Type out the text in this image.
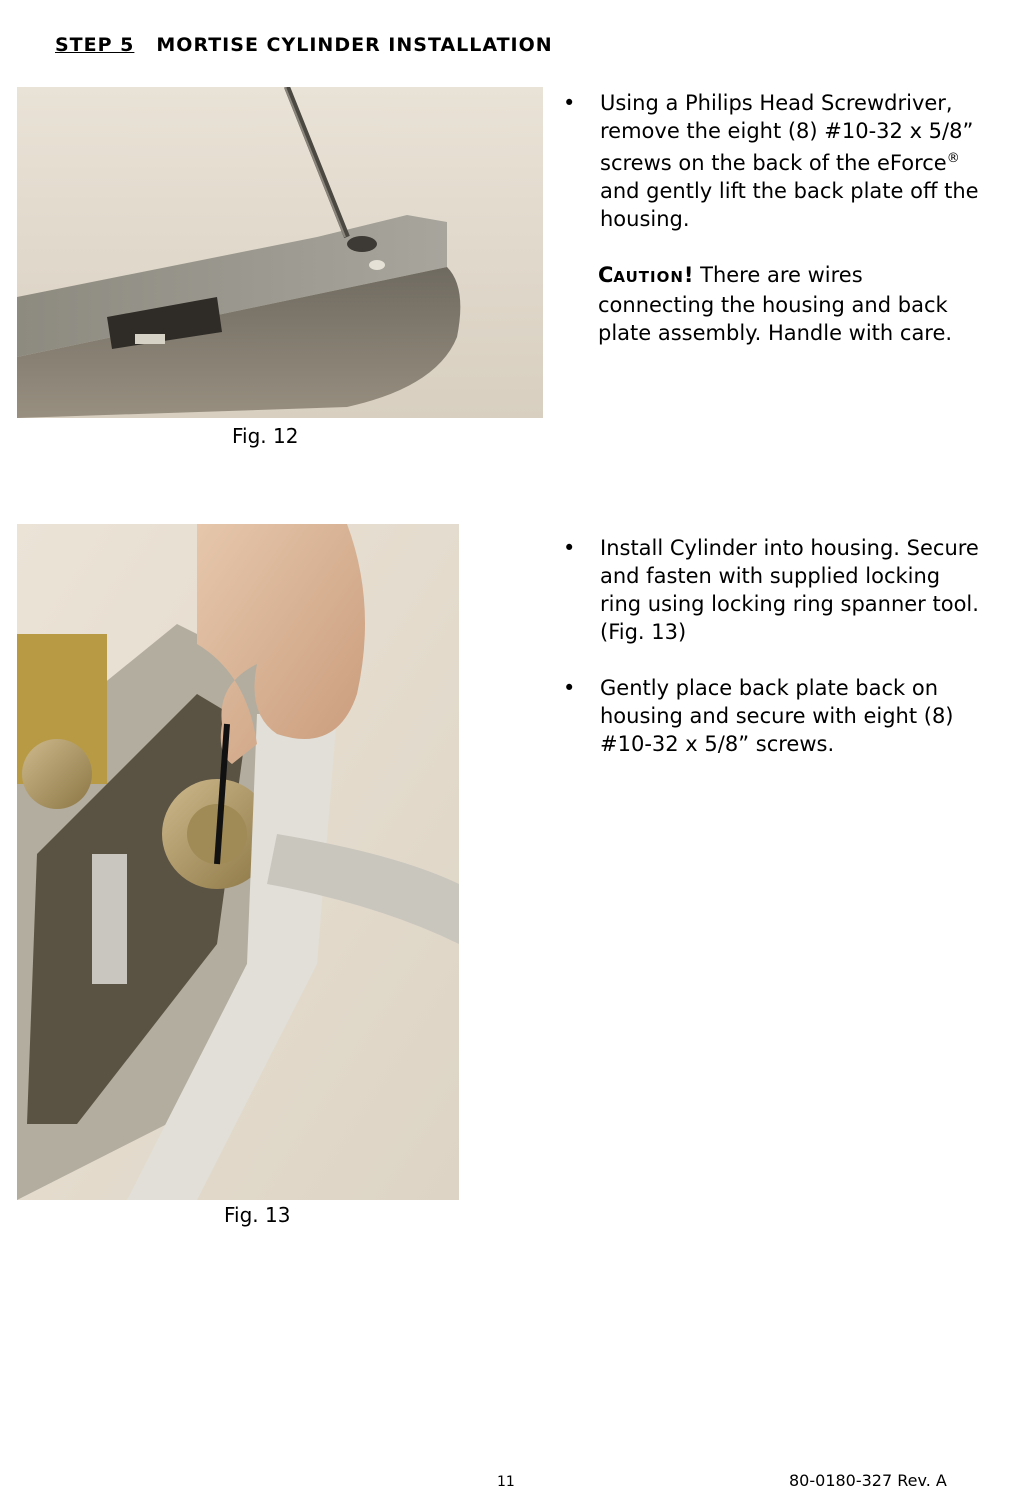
STEP 5 MORTISE CYLINDER INSTALLATION
Fig. 12
• Using a Philips Head Screwdriver, remove the eight (8) #10-32 x 5/8” screws on the back of the eForce® and gently lift the back plate off the housing.
CAUTION! There are wires connecting the housing and back plate assembly. Handle with care.
Fig. 13
• Install Cylinder into housing. Secure and fasten with supplied locking ring using locking ring spanner tool. (Fig. 13)
• Gently place back plate back on housing and secure with eight (8) #10-32 x 5/8” screws.
11	80-0180-327 Rev. A
